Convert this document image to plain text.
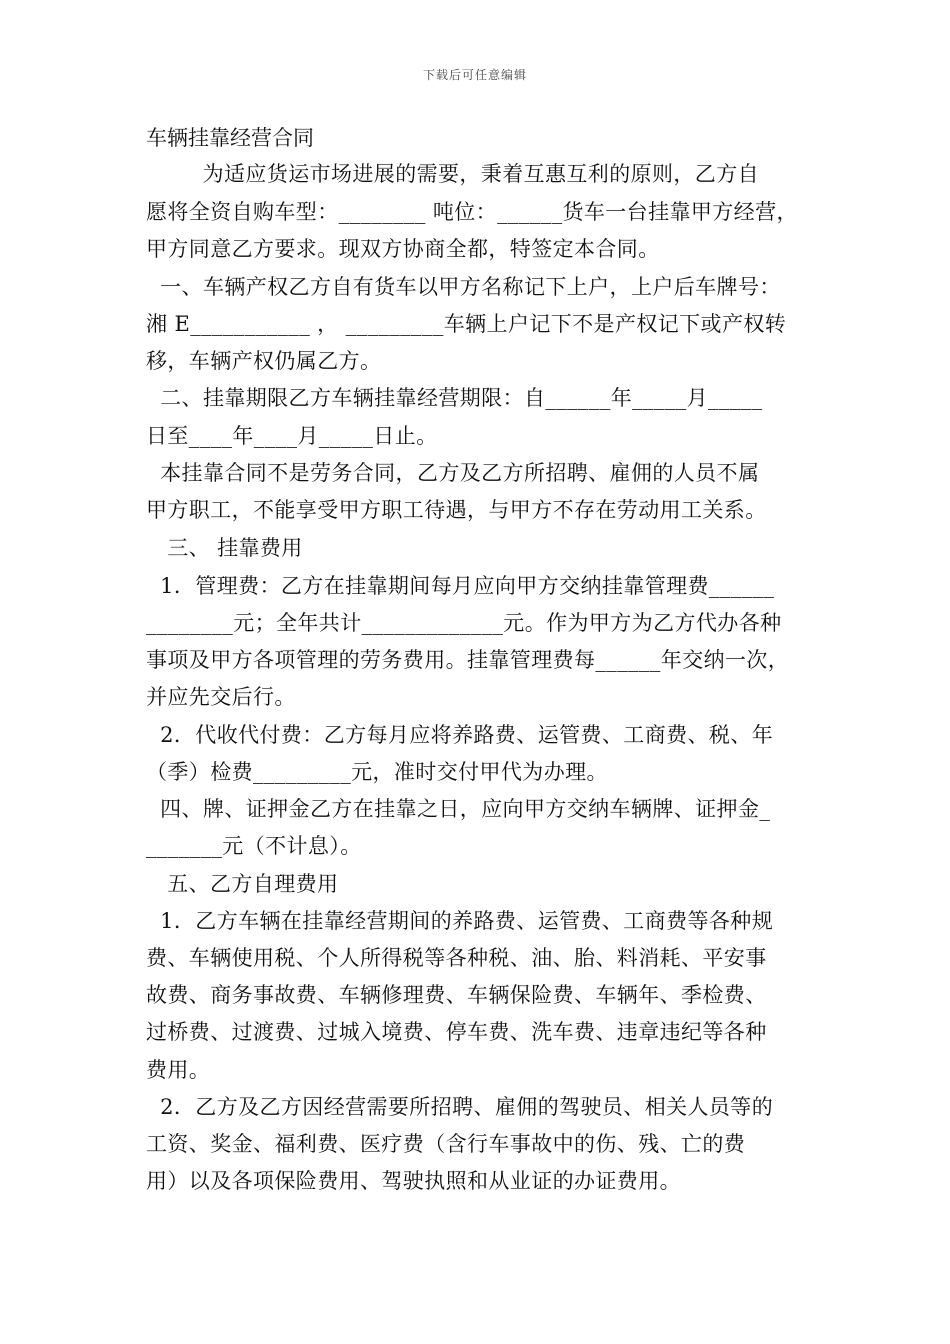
下载后可任意编辑
车辆挂靠经营合同
为适应货运市场进展的需要，秉着互惠互利的原则，乙方自
愿将全资自购车型：________ 吨位：______货车一台挂靠甲方经营，
甲方同意乙方要求。现双方协商全都，特签定本合同。
一、车辆产权乙方自有货车以甲方名称记下上户，上户后车牌号：
湘 E___________ ， _________车辆上户记下不是产权记下或产权转
移，车辆产权仍属乙方。
二、挂靠期限乙方车辆挂靠经营期限：自______年_____月_____
日至____年____月_____日止。
本挂靠合同不是劳务合同，乙方及乙方所招聘、雇佣的人员不属
甲方职工，不能享受甲方职工待遇，与甲方不存在劳动用工关系。
三、 挂靠费用
1．管理费：乙方在挂靠期间每月应向甲方交纳挂靠管理费______
________元；全年共计_____________元。作为甲方为乙方代办各种
事项及甲方各项管理的劳务费用。挂靠管理费每______年交纳一次，
并应先交后行。
2．代收代付费：乙方每月应将养路费、运管费、工商费、税、年
（季）检费_________元，准时交付甲代为办理。
四、牌、证押金乙方在挂靠之日，应向甲方交纳车辆牌、证押金_
_______元（不计息）。
五、乙方自理费用
1．乙方车辆在挂靠经营期间的养路费、运管费、工商费等各种规
费、车辆使用税、个人所得税等各种税、油、胎、料消耗、平安事
故费、商务事故费、车辆修理费、车辆保险费、车辆年、季检费、
过桥费、过渡费、过城入境费、停车费、洗车费、违章违纪等各种
费用。
2．乙方及乙方因经营需要所招聘、雇佣的驾驶员、相关人员等的
工资、奖金、福利费、医疗费（含行车事故中的伤、残、亡的费
用）以及各项保险费用、驾驶执照和从业证的办证费用。
